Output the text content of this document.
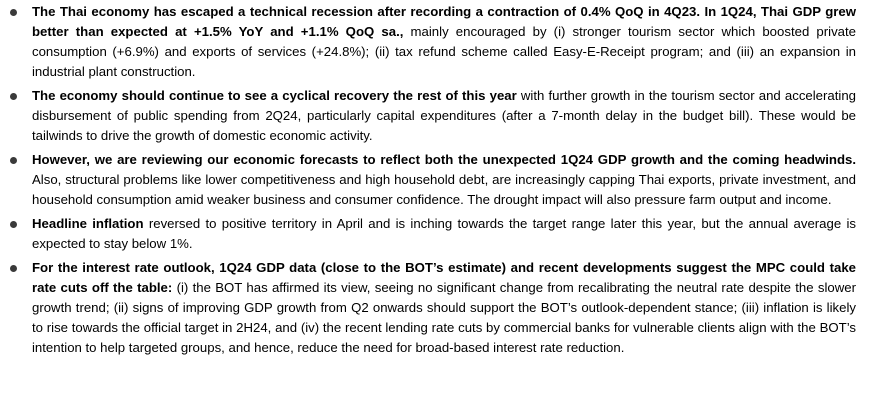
The Thai economy has escaped a technical recession after recording a contraction of 0.4% QoQ in 4Q23. In 1Q24, Thai GDP grew better than expected at +1.5% YoY and +1.1% QoQ sa., mainly encouraged by (i) stronger tourism sector which boosted private consumption (+6.9%) and exports of services (+24.8%); (ii) tax refund scheme called Easy-E-Receipt program; and (iii) an expansion in industrial plant construction.
The economy should continue to see a cyclical recovery the rest of this year with further growth in the tourism sector and accelerating disbursement of public spending from 2Q24, particularly capital expenditures (after a 7-month delay in the budget bill). These would be tailwinds to drive the growth of domestic economic activity.
However, we are reviewing our economic forecasts to reflect both the unexpected 1Q24 GDP growth and the coming headwinds. Also, structural problems like lower competitiveness and high household debt, are increasingly capping Thai exports, private investment, and household consumption amid weaker business and consumer confidence. The drought impact will also pressure farm output and income.
Headline inflation reversed to positive territory in April and is inching towards the target range later this year, but the annual average is expected to stay below 1%.
For the interest rate outlook, 1Q24 GDP data (close to the BOT’s estimate) and recent developments suggest the MPC could take rate cuts off the table: (i) the BOT has affirmed its view, seeing no significant change from recalibrating the neutral rate despite the slower growth trend; (ii) signs of improving GDP growth from Q2 onwards should support the BOT’s outlook-dependent stance; (iii) inflation is likely to rise towards the official target in 2H24, and (iv) the recent lending rate cuts by commercial banks for vulnerable clients align with the BOT’s intention to help targeted groups, and hence, reduce the need for broad-based interest rate reduction.
